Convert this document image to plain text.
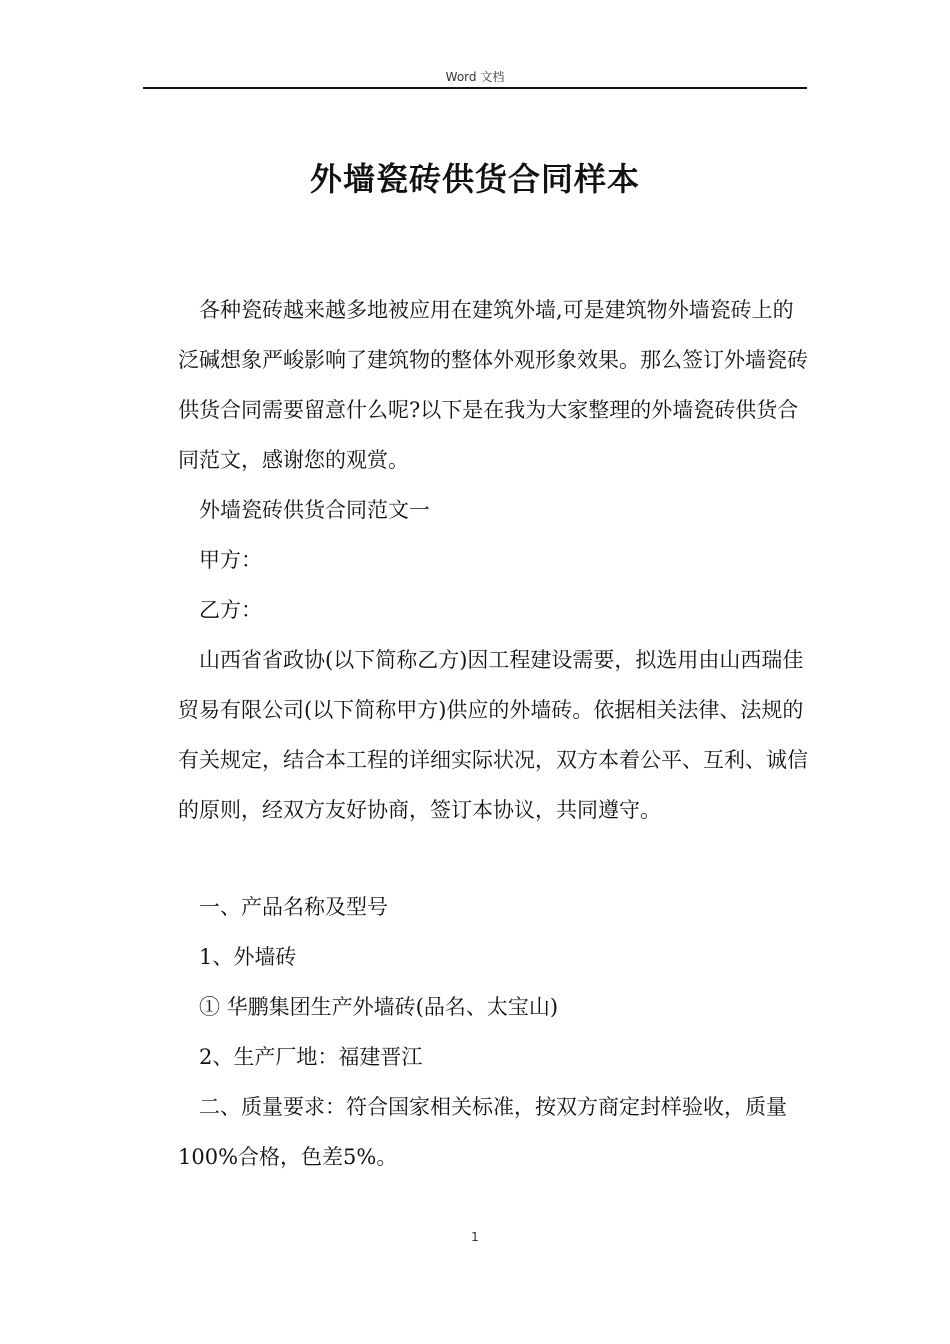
Word 文档
外墙瓷砖供货合同样本

各种瓷砖越来越多地被应用在建筑外墙,可是建筑物外墙瓷砖上的泛碱想象严峻影响了建筑物的整体外观形象效果。那么签订外墙瓷砖供货合同需要留意什么呢?以下是在我为大家整理的外墙瓷砖供货合同范文，感谢您的观赏。

外墙瓷砖供货合同范文一

甲方：

乙方：

山西省省政协(以下简称乙方)因工程建设需要，拟选用由山西瑞佳贸易有限公司(以下简称甲方)供应的外墙砖。依据相关法律、法规的有关规定，结合本工程的详细实际状况，双方本着公平、互利、诚信的原则，经双方友好协商，签订本协议，共同遵守。

一、产品名称及型号

1、外墙砖

① 华鹏集团生产外墙砖(品名、太宝山)

2、生产厂地：福建晋江

二、质量要求：符合国家相关标准，按双方商定封样验收，质量100%合格，色差5%。

1
